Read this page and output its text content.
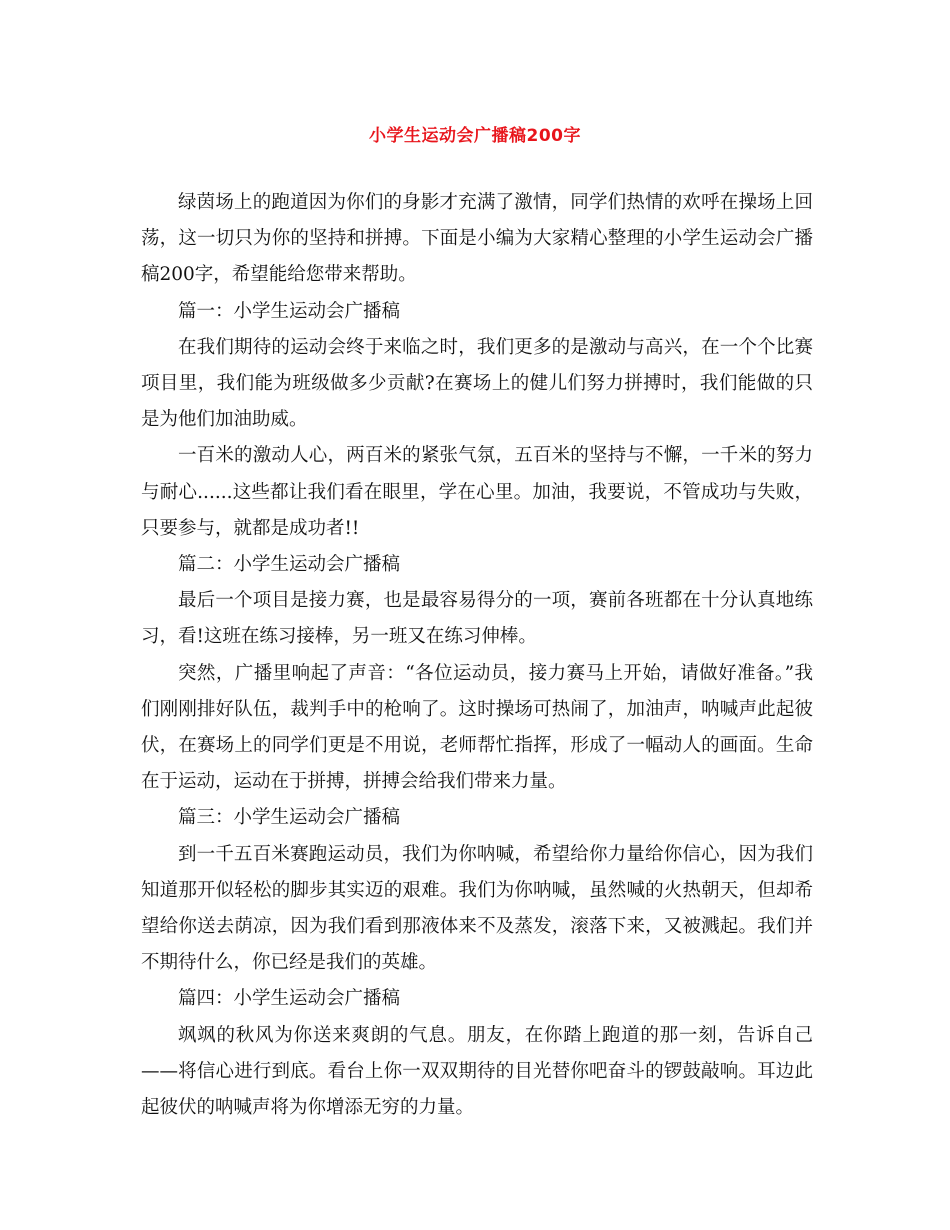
小学生运动会广播稿200字

绿茵场上的跑道因为你们的身影才充满了激情，同学们热情的欢呼在操场上回荡，这一切只为你的坚持和拼搏。下面是小编为大家精心整理的小学生运动会广播稿200字，希望能给您带来帮助。

篇一：小学生运动会广播稿

在我们期待的运动会终于来临之时，我们更多的是激动与高兴，在一个个比赛项目里，我们能为班级做多少贡献?在赛场上的健儿们努力拼搏时，我们能做的只是为他们加油助威。

一百米的激动人心，两百米的紧张气氛，五百米的坚持与不懈，一千米的努力与耐心......这些都让我们看在眼里，学在心里。加油，我要说，不管成功与失败，只要参与，就都是成功者!!

篇二：小学生运动会广播稿

最后一个项目是接力赛，也是最容易得分的一项，赛前各班都在十分认真地练习，看!这班在练习接棒，另一班又在练习伸棒。

突然，广播里响起了声音：“各位运动员，接力赛马上开始，请做好准备。”我们刚刚排好队伍，裁判手中的枪响了。这时操场可热闹了，加油声，呐喊声此起彼伏，在赛场上的同学们更是不用说，老师帮忙指挥，形成了一幅动人的画面。生命在于运动，运动在于拼搏，拼搏会给我们带来力量。

篇三：小学生运动会广播稿

到一千五百米赛跑运动员，我们为你呐喊，希望给你力量给你信心，因为我们知道那开似轻松的脚步其实迈的艰难。我们为你呐喊，虽然喊的火热朝天，但却希望给你送去荫凉，因为我们看到那液体来不及蒸发，滚落下来，又被溅起。我们并不期待什么，你已经是我们的英雄。

篇四：小学生运动会广播稿

飒飒的秋风为你送来爽朗的气息。朋友，在你踏上跑道的那一刻，告诉自己——将信心进行到底。看台上你一双双期待的目光替你吧奋斗的锣鼓敲响。耳边此起彼伏的呐喊声将为你增添无穷的力量。
